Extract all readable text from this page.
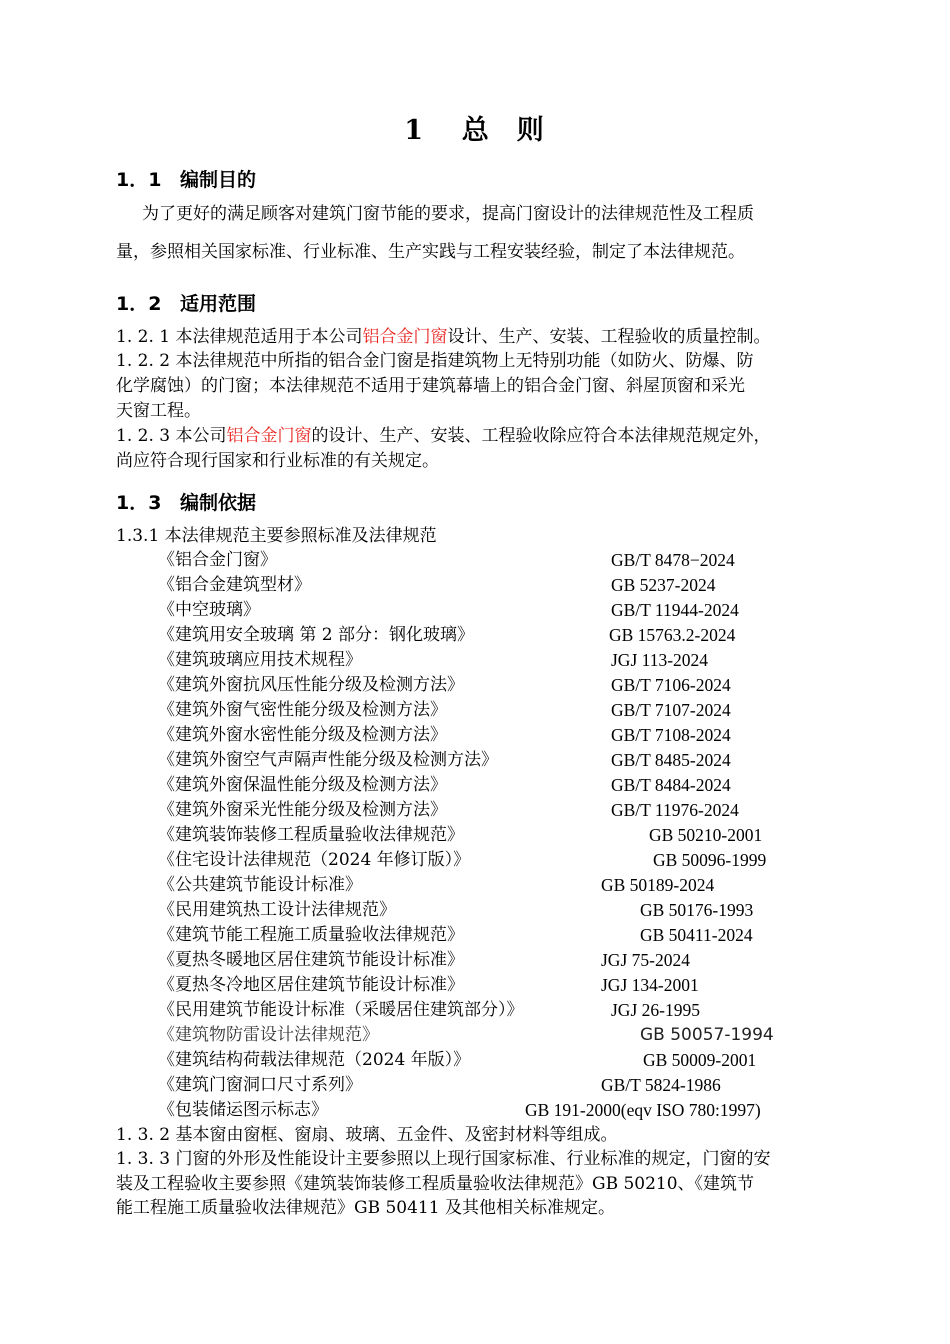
1 总 则
1．1 编制目的
为了更好的满足顾客对建筑门窗节能的要求，提高门窗设计的法律规范性及工程质
量，参照相关国家标准、行业标准、生产实践与工程安装经验，制定了本法律规范。
1．2 适用范围
1. 2. 1 本法律规范适用于本公司铝合金门窗设计、生产、安装、工程验收的质量控制。
1. 2. 2 本法律规范中所指的铝合金门窗是指建筑物上无特别功能（如防火、防爆、防
化学腐蚀）的门窗；本法律规范不适用于建筑幕墙上的铝合金门窗、斜屋顶窗和采光
天窗工程。
1. 2. 3 本公司铝合金门窗的设计、生产、安装、工程验收除应符合本法律规范规定外，
尚应符合现行国家和行业标准的有关规定。
1．3 编制依据
1.3.1 本法律规范主要参照标准及法律规范
《铝合金门窗》	GB/T 8478−2024
《铝合金建筑型材》	GB 5237-2024
《中空玻璃》	GB/T 11944-2024
《建筑用安全玻璃 第 2 部分：钢化玻璃》	GB 15763.2-2024
《建筑玻璃应用技术规程》	JGJ 113-2024
《建筑外窗抗风压性能分级及检测方法》	GB/T 7106-2024
《建筑外窗气密性能分级及检测方法》	GB/T 7107-2024
《建筑外窗水密性能分级及检测方法》	GB/T 7108-2024
《建筑外窗空气声隔声性能分级及检测方法》	GB/T 8485-2024
《建筑外窗保温性能分级及检测方法》	GB/T 8484-2024
《建筑外窗采光性能分级及检测方法》	GB/T 11976-2024
《建筑装饰装修工程质量验收法律规范》	GB 50210-2001
《住宅设计法律规范（2024 年修订版）》	GB 50096-1999
《公共建筑节能设计标准》	GB 50189-2024
《民用建筑热工设计法律规范》	GB 50176-1993
《建筑节能工程施工质量验收法律规范》	GB 50411-2024
《夏热冬暖地区居住建筑节能设计标准》	JGJ 75-2024
《夏热冬冷地区居住建筑节能设计标准》	JGJ 134-2001
《民用建筑节能设计标准（采暖居住建筑部分）》	JGJ 26-1995
《建筑物防雷设计法律规范》	GB 50057-1994
《建筑结构荷载法律规范（2024 年版）》	GB 50009-2001
《建筑门窗洞口尺寸系列》	GB/T 5824-1986
《包装储运图示标志》	GB 191-2000(eqv ISO 780:1997)
1. 3. 2 基本窗由窗框、窗扇、玻璃、五金件、及密封材料等组成。
1. 3. 3 门窗的外形及性能设计主要参照以上现行国家标准、行业标准的规定，门窗的安
装及工程验收主要参照《建筑装饰装修工程质量验收法律规范》GB 50210、《建筑节
能工程施工质量验收法律规范》GB 50411 及其他相关标准规定。
